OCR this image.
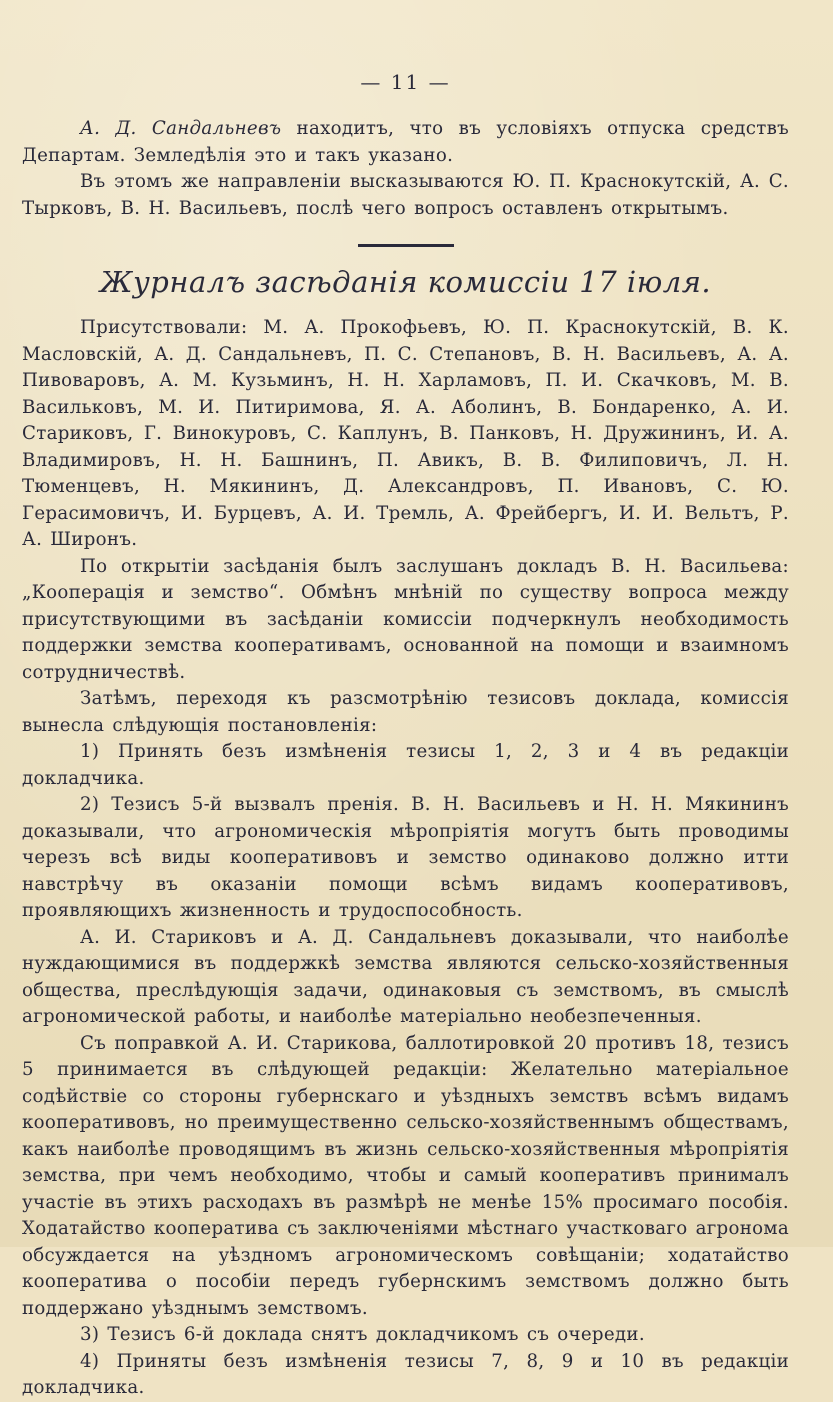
— 11 —

А. Д. Сандальневъ находитъ, что въ условіяхъ отпуска средствъ Департам. Земледѣлія это и такъ указано.

Въ этомъ же направленіи высказываются Ю. П. Краснокутскій, А. С. Тырковъ, В. Н. Васильевъ, послѣ чего вопросъ оставленъ открытымъ.

Журналъ засѣданія комиссіи 17 іюля.

Присутствовали: М. А. Прокофьевъ, Ю. П. Краснокутскій, В. К. Масловскій, А. Д. Сандальневъ, П. С. Степановъ, В. Н. Васильевъ, А. А. Пивоваровъ, А. М. Кузьминъ, Н. Н. Харламовъ, П. И. Скачковъ, М. В. Васильковъ, М. И. Питиримова, Я. А. Аболинъ, В. Бондаренко, А. И. Стариковъ, Г. Винокуровъ, С. Каплунъ, В. Панковъ, Н. Дружининъ, И. А. Владимировъ, Н. Н. Башнинъ, П. Авикъ, В. В. Филиповичъ, Л. Н. Тюменцевъ, Н. Мякининъ, Д. Александровъ, П. Ивановъ, С. Ю. Герасимовичъ, И. Бурцевъ, А. И. Тремль, А. Фрейбергъ, И. И. Вельтъ, Р. А. Широнъ.

По открытіи засѣданія былъ заслушанъ докладъ В. Н. Васильева: „Кооперація и земство“. Обмѣнъ мнѣній по существу вопроса между присутствующими въ засѣданіи комиссіи подчеркнулъ необходимость поддержки земства кооперативамъ, основанной на помощи и взаимномъ сотрудничествѣ.

Затѣмъ, переходя къ разсмотрѣнію тезисовъ доклада, комиссія вынесла слѣдующія постановленія:

1) Принять безъ измѣненія тезисы 1, 2, 3 и 4 въ редакціи докладчика.

2) Тезисъ 5-й вызвалъ пренія. В. Н. Васильевъ и Н. Н. Мякининъ доказывали, что агрономическія мѣропріятія могутъ быть проводимы черезъ всѣ виды кооперативовъ и земство одинаково должно итти навстрѣчу въ оказаніи помощи всѣмъ видамъ кооперативовъ, проявляющихъ жизненность и трудоспособность.

А. И. Стариковъ и А. Д. Сандальневъ доказывали, что наиболѣе нуждающимися въ поддержкѣ земства являются сельско-хозяйственныя общества, преслѣдующія задачи, одинаковыя съ земствомъ, въ смыслѣ агрономической работы, и наиболѣе матеріально необезпеченныя.

Съ поправкой А. И. Старикова, баллотировкой 20 противъ 18, тезисъ 5 принимается въ слѣдующей редакціи: Желательно матеріальное содѣйствіе со стороны губернскаго и уѣздныхъ земствъ всѣмъ видамъ кооперативовъ, но преимущественно сельско-хозяйственнымъ обществамъ, какъ наиболѣе проводящимъ въ жизнь сельско-хозяйственныя мѣропріятія земства, при чемъ необходимо, чтобы и самый кооперативъ принималъ участіе въ этихъ расходахъ въ размѣрѣ не менѣе 15% просимаго пособія. Ходатайство кооператива съ заключеніями мѣстнаго участковаго агронома обсуждается на уѣздномъ агрономическомъ совѣщаніи; ходатайство кооператива о пособіи передъ губернскимъ земствомъ должно быть поддержано уѣзднымъ земствомъ.

3) Тезисъ 6-й доклада снятъ докладчикомъ съ очереди.

4) Приняты безъ измѣненія тезисы 7, 8, 9 и 10 въ редакціи докладчика.
